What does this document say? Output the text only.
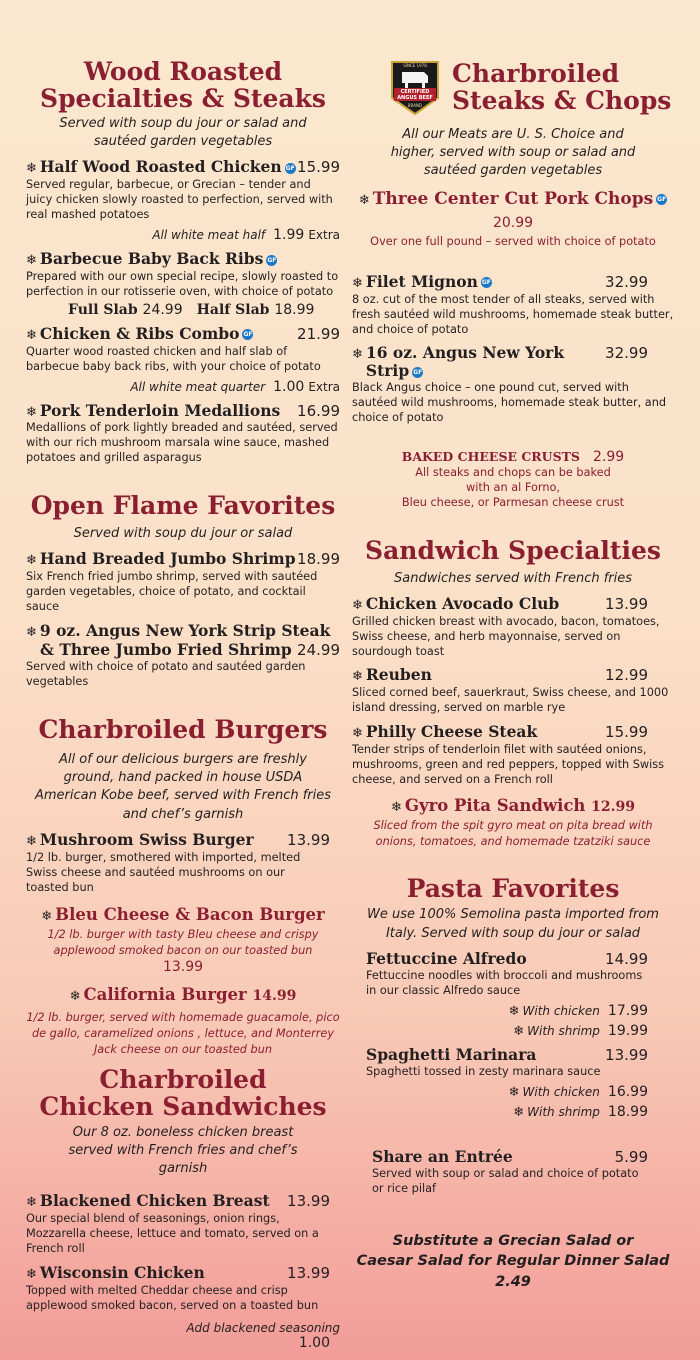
Wood Roasted
Specialties & Steaks
Served with soup du jour or salad and sautéed garden vegetables
❄ Half Wood Roasted Chicken GF 15.99
Served regular, barbecue, or Grecian – tender and juicy chicken slowly roasted to perfection, served with real mashed potatoes
All white meat half 1.99 Extra
❄ Barbecue Baby Back Ribs GF
Prepared with our own special recipe, slowly roasted to perfection in our rotisserie oven, with choice of potato
Full Slab 24.99 Half Slab 18.99
❄ Chicken & Ribs Combo GF	21.99
Quarter wood roasted chicken and half slab of barbecue baby back ribs, with your choice of potato
All white meat quarter 1.00 Extra
❄ Pork Tenderloin Medallions	16.99
Medallions of pork lightly breaded and sautéed, served with our rich mushroom marsala wine sauce, mashed potatoes and grilled asparagus
Open Flame Favorites
Served with soup du jour or salad
❄ Hand Breaded Jumbo Shrimp 18.99
Six French fried jumbo shrimp, served with sautéed garden vegetables, choice of potato, and cocktail sauce
❄ 9 oz. Angus New York Strip Steak
& Three Jumbo Fried Shrimp 24.99
Served with choice of potato and sautéed garden vegetables
Charbroiled Burgers
All of our delicious burgers are freshly ground, hand packed in house USDA American Kobe beef, served with French fries and chef’s garnish
❄ Mushroom Swiss Burger	13.99
1/2 lb. burger, smothered with imported, melted Swiss cheese and sautéed mushrooms on our toasted bun
❄ Bleu Cheese & Bacon Burger
1/2 lb. burger with tasty Bleu cheese and crispy applewood smoked bacon on our toasted bun
13.99
❄ California Burger 14.99
1/2 lb. burger, served with homemade guacamole, pico de gallo, caramelized onions , lettuce, and Monterrey Jack cheese on our toasted bun
Charbroiled
Chicken Sandwiches
Our 8 oz. boneless chicken breast served with French fries and chef’s garnish
❄ Blackened Chicken Breast	13.99
Our special blend of seasonings, onion rings, Mozzarella cheese, lettuce and tomato, served on a French roll
❄ Wisconsin Chicken	13.99
Topped with melted Cheddar cheese and crisp applewood smoked bacon, served on a toasted bun
Add blackened seasoning
1.00
SINCE 1978
CERTIFIED
ANGUS BEEF
BRAND
Charbroiled
Steaks & Chops
All our Meats are U. S. Choice and higher, served with soup or salad and sautéed garden vegetables
❄ Three Center Cut Pork Chops GF
20.99
Over one full pound – served with choice of potato
❄ Filet Mignon GF	32.99
8 oz. cut of the most tender of all steaks, served with fresh sautéed wild mushrooms, homemade steak butter, and choice of potato
❄ 16 oz. Angus New York Strip GF
32.99
Black Angus choice – one pound cut, served with sautéed wild mushrooms, homemade steak butter, and choice of potato
BAKED CHEESE CRUSTS 2.99
All steaks and chops can be baked
with an al Forno,
Bleu cheese, or Parmesan cheese crust
Sandwich Specialties
Sandwiches served with French fries
❄ Chicken Avocado Club	13.99
Grilled chicken breast with avocado, bacon, tomatoes, Swiss cheese, and herb mayonnaise, served on sourdough toast
❄ Reuben	12.99
Sliced corned beef, sauerkraut, Swiss cheese, and 1000 island dressing, served on marble rye
❄ Philly Cheese Steak	15.99
Tender strips of tenderloin filet with sautéed onions, mushrooms, green and red peppers, topped with Swiss cheese, and served on a French roll
❄ Gyro Pita Sandwich 12.99
Sliced from the spit gyro meat on pita bread with onions, tomatoes, and homemade tzatziki sauce
Pasta Favorites
We use 100% Semolina pasta imported from Italy. Served with soup du jour or salad
Fettuccine Alfredo	14.99
Fettuccine noodles with broccoli and mushrooms in our classic Alfredo sauce
❄ With chicken 17.99
❄ With shrimp 19.99
Spaghetti Marinara	13.99
Spaghetti tossed in zesty marinara sauce
❄ With chicken 16.99
❄ With shrimp 18.99
Share an Entrée	5.99
Served with soup or salad and choice of potato or rice pilaf
Substitute a Grecian Salad or
Caesar Salad for Regular Dinner Salad
2.49
